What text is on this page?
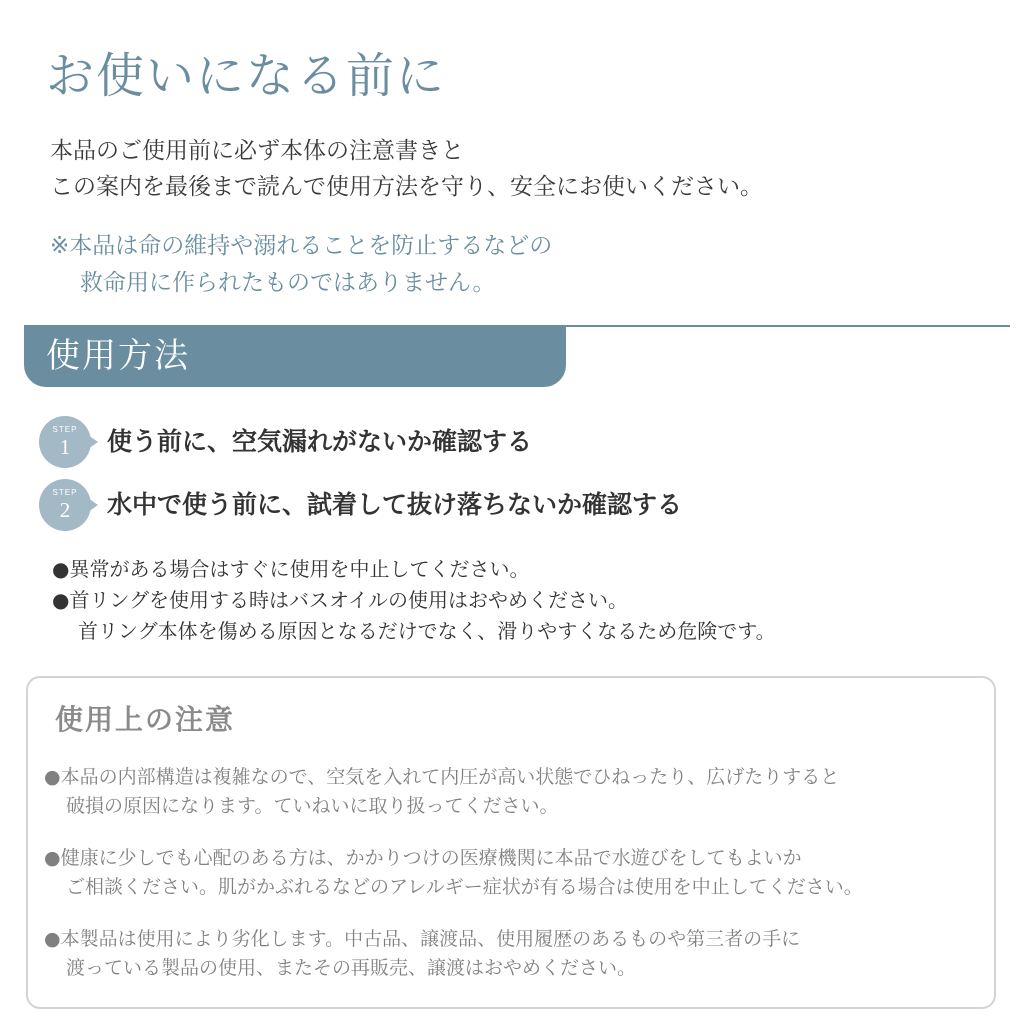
お使いになる前に
本品のご使用前に必ず本体の注意書きと
この案内を最後まで読んで使用方法を守り、安全にお使いください。
※本品は命の維持や溺れることを防止するなどの
救命用に作られたものではありません。
使用方法
STEP
1	使う前に、空気漏れがないか確認する
STEP
2	水中で使う前に、試着して抜け落ちないか確認する
●異常がある場合はすぐに使用を中止してください。
●首リングを使用する時はバスオイルの使用はおやめください。
首リング本体を傷める原因となるだけでなく、滑りやすくなるため危険です。
使用上の注意
●本品の内部構造は複雑なので、空気を入れて内圧が高い状態でひねったり、広げたりすると
破損の原因になります。ていねいに取り扱ってください。
●健康に少しでも心配のある方は、かかりつけの医療機関に本品で水遊びをしてもよいか
ご相談ください。肌がかぶれるなどのアレルギー症状が有る場合は使用を中止してください。
●本製品は使用により劣化します。中古品、譲渡品、使用履歴のあるものや第三者の手に
渡っている製品の使用、またその再販売、譲渡はおやめください。
